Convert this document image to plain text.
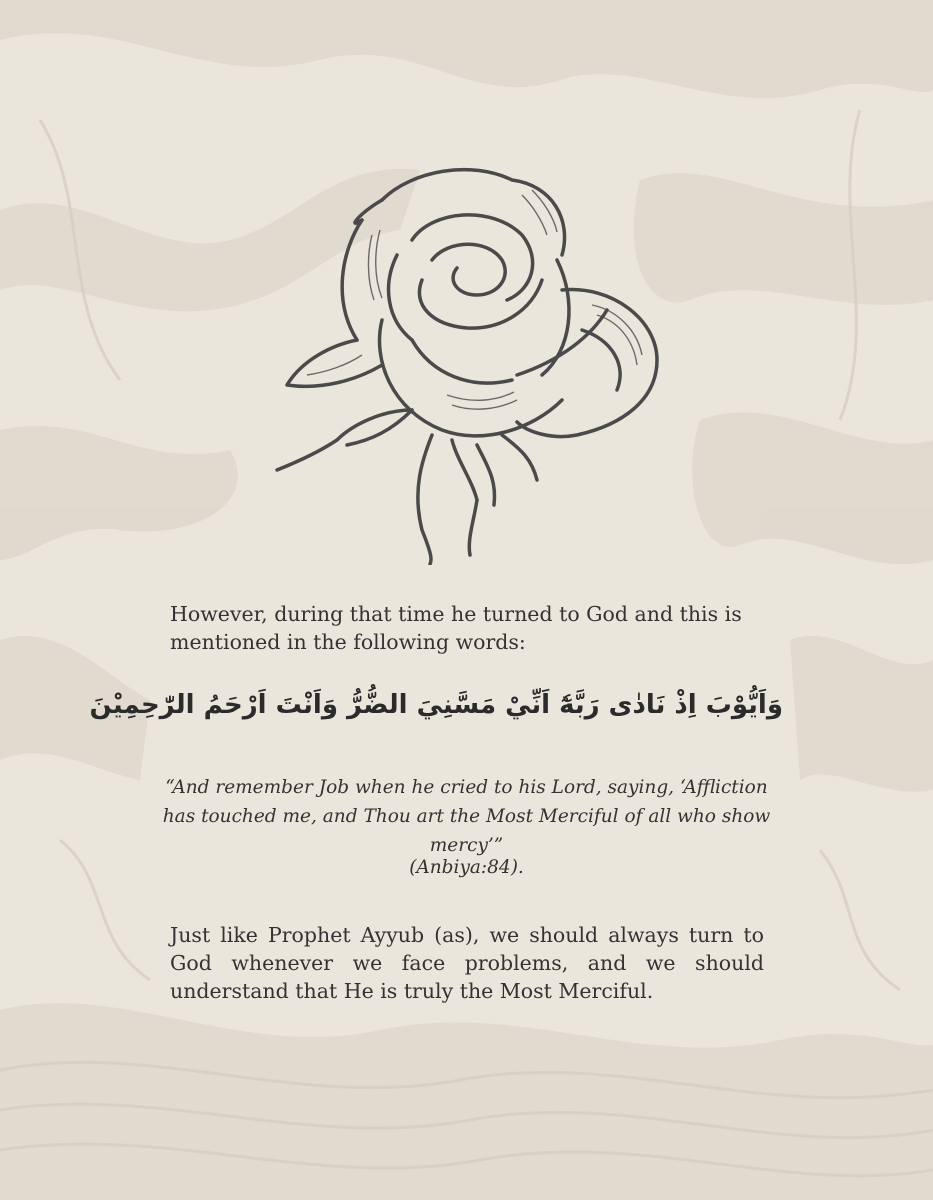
However, during that time he turned to God and this is mentioned in the following words:
وَاَيُّوْبَ اِذْ نَادٰى رَبَّهٗٓ اَنِّيْ مَسَّنِيَ الضُّرُّ وَاَنْتَ اَرْحَمُ الرّٰحِمِيْنَ
“And remember Job when he cried to his Lord, saying, ‘Affliction has touched me, and Thou art the Most Merciful of all who show mercy’”
(Anbiya:84).
Just like Prophet Ayyub (as), we should always turn to God whenever we face problems, and we should understand that He is truly the Most Merciful.
